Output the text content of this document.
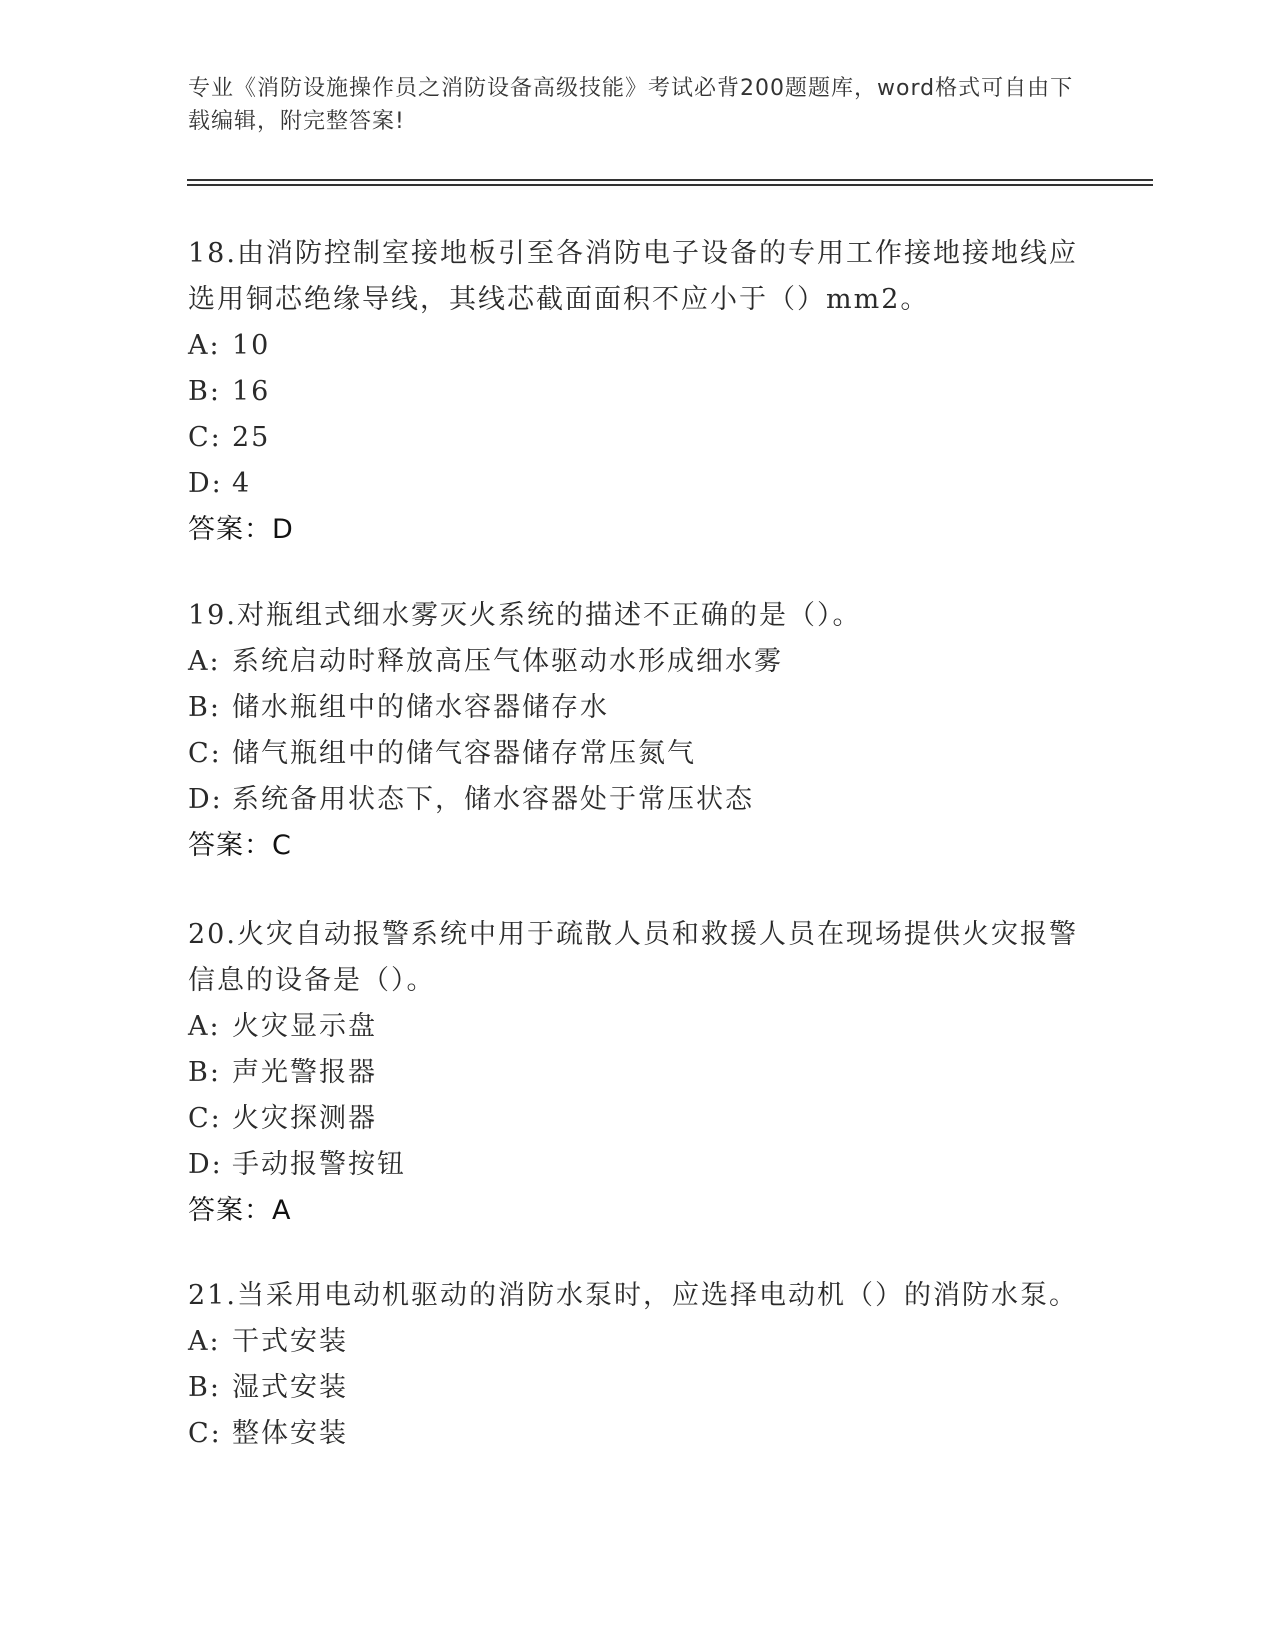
专业《消防设施操作员之消防设备高级技能》考试必背200题题库，word格式可自由下载编辑，附完整答案!
18.由消防控制室接地板引至各消防电子设备的专用工作接地接地线应选用铜芯绝缘导线，其线芯截面面积不应小于（）mm2。
A: 10
B: 16
C: 25
D: 4
答案：D
19.对瓶组式细水雾灭火系统的描述不正确的是（）。
A: 系统启动时释放高压气体驱动水形成细水雾
B: 储水瓶组中的储水容器储存水
C: 储气瓶组中的储气容器储存常压氮气
D: 系统备用状态下，储水容器处于常压状态
答案：C
20.火灾自动报警系统中用于疏散人员和救援人员在现场提供火灾报警信息的设备是（）。
A: 火灾显示盘
B: 声光警报器
C: 火灾探测器
D: 手动报警按钮
答案：A
21.当采用电动机驱动的消防水泵时，应选择电动机（）的消防水泵。
A: 干式安装
B: 湿式安装
C: 整体安装
